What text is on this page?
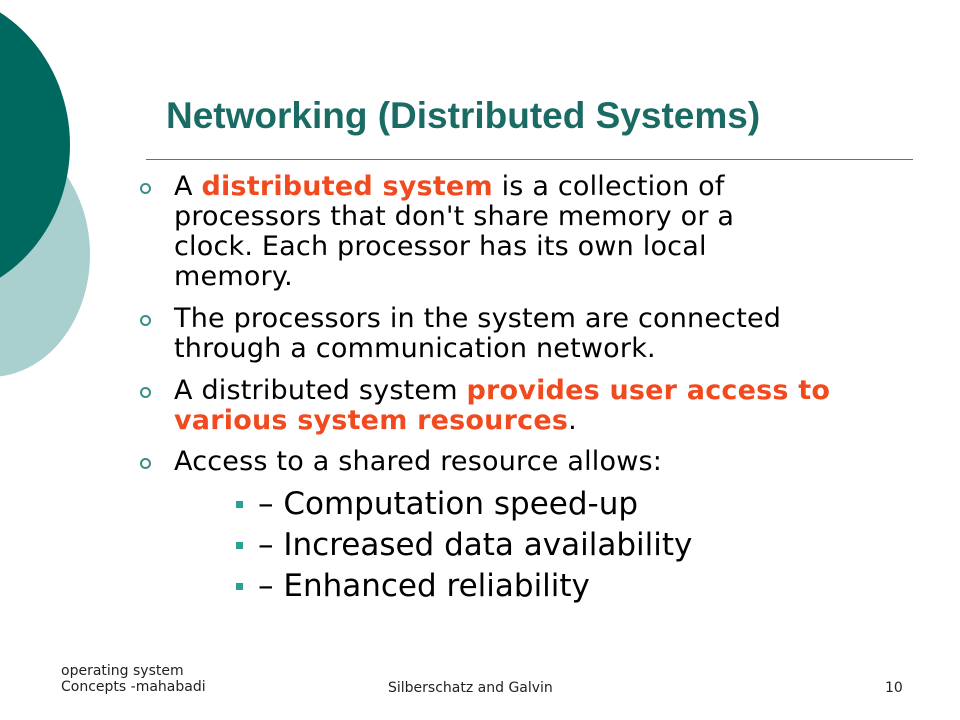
Networking (Distributed Systems)
A distributed system is a collection of
processors that don't share memory or a
clock. Each processor has its own local
memory.
The processors in the system are connected
through a communication network.
A distributed system provides user access to
various system resources.
Access to a shared resource allows:
– Computation speed-up
– Increased data availability
– Enhanced reliability
operating system
Concepts -mahabadi	Silberschatz and Galvin	10
